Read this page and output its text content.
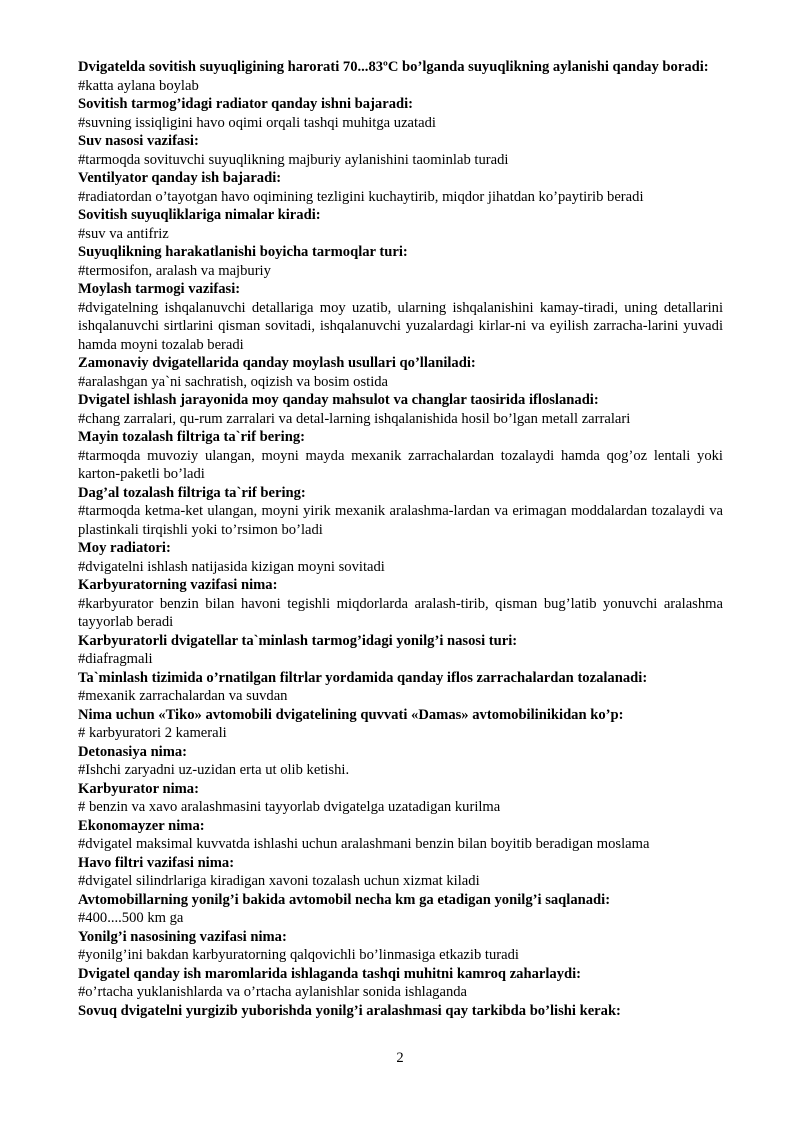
Dvigatelda sovitish suyuqligining harorati 70...83ºC bo’lganda suyuqlikning aylanishi qanday boradi:

#katta aylana boylab

Sovitish tarmog’idagi radiator qanday ishni bajaradi:

#suvning issiqligini havo oqimi orqali tashqi muhitga uzatadi

Suv nasosi vazifasi:

#tarmoqda sovituvchi suyuqlikning majburiy aylanishini taominlab turadi

Ventilyator qanday ish bajaradi:

#radiatordan o’tayotgan havo oqimining tezligini kuchaytirib, miqdor jihatdan ko’paytirib beradi

Sovitish suyuqliklariga nimalar kiradi:

#suv va antifriz

Suyuqlikning harakatlanishi boyicha tarmoqlar turi:

#termosifon, aralash va majburiy

Moylash tarmogi vazifasi:

#dvigatelning ishqalanuvchi detallariga moy uzatib, ularning ishqalanishini kamay-tiradi, uning detallarini ishqalanuvchi sirtlarini qisman sovitadi, ishqalanuvchi yuzalardagi kirlar-ni va eyilish zarracha-larini yuvadi hamda moyni tozalab beradi

Zamonaviy dvigatellarida qanday moylash usullari qo’llaniladi:

#aralashgan ya`ni sachratish, oqizish va bosim ostida

Dvigatel ishlash jarayonida moy qanday mahsulot va changlar taosirida ifloslanadi:

#chang zarralari, qu-rum zarralari va detal-larning ishqalanishida hosil bo’lgan metall zarralari

Mayin tozalash filtriga ta`rif bering:

#tarmoqda muvoziy ulangan, moyni mayda mexanik zarrachalardan tozalaydi hamda qog’oz lentali yoki karton-paketli bo’ladi

Dag’al tozalash filtriga ta`rif bering:

#tarmoqda ketma-ket ulangan, moyni yirik mexanik aralashma-lardan va erimagan moddalardan tozalaydi va plastinkali tirqishli yoki to’rsimon bo’ladi

Moy radiatori:

#dvigatelni ishlash natijasida kizigan moyni sovitadi

Karbyuratorning vazifasi nima:

#karbyurator benzin bilan havoni tegishli miqdorlarda aralash-tirib, qisman bug’latib yonuvchi aralashma tayyorlab beradi

Karbyuratorli dvigatellar ta`minlash tarmog’idagi yonilg’i nasosi turi:

#diafragmali

Ta`minlash tizimida o’rnatilgan filtrlar yordamida qanday iflos zarrachalardan tozalanadi:

#mexanik zarrachalardan va suvdan

Nima uchun «Tiko» avtomobili dvigatelining quvvati «Damas» avtomobilinikidan ko’p:

# karbyuratori 2 kamerali

Detonasiya nima:

#Ishchi zaryadni uz-uzidan erta ut olib ketishi.

Karbyurator nima:

# benzin va xavo aralashmasini tayyorlab dvigatelga uzatadigan kurilma

Ekonomayzer nima:

#dvigatel maksimal kuvvatda ishlashi uchun aralashmani benzin bilan boyitib beradigan moslama

Havo filtri vazifasi nima:

#dvigatel silindrlariga kiradigan xavoni tozalash uchun xizmat kiladi

Avtomobillarning yonilg’i bakida avtomobil necha km ga etadigan yonilg’i saqlanadi:

#400....500 km ga

Yonilg’i nasosining vazifasi nima:

#yonilg’ini bakdan karbyuratorning qalqovichli bo’linmasiga etkazib turadi

Dvigatel qanday ish maromlarida ishlaganda tashqi muhitni kamroq zaharlaydi:

#o’rtacha yuklanishlarda va o’rtacha aylanishlar sonida ishlaganda

Sovuq dvigatelni yurgizib yuborishda yonilg’i aralashmasi qay tarkibda bo’lishi kerak:

2
